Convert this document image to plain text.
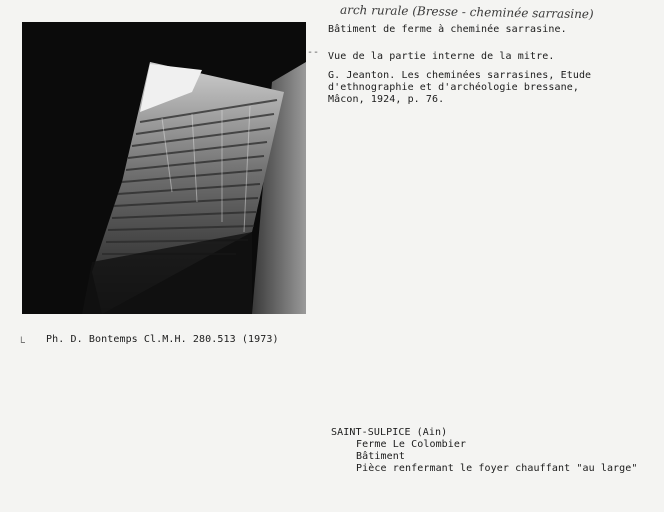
arch rurale (Bresse - cheminée sarrasine)
Bâtiment de ferme à cheminée sarrasine.
-- Vue de la partie interne de la mitre.
G. Jeanton. Les cheminées sarrasines, Etude
d'ethnographie et d'archéologie bressane,
Mâcon, 1924, p. 76.
ᒪ Ph. D. Bontemps Cl.M.H. 280.513 (1973)
SAINT-SULPICE (Ain)
Ferme Le Colombier
Bâtiment
Pièce renfermant le foyer chauffant "au large"
